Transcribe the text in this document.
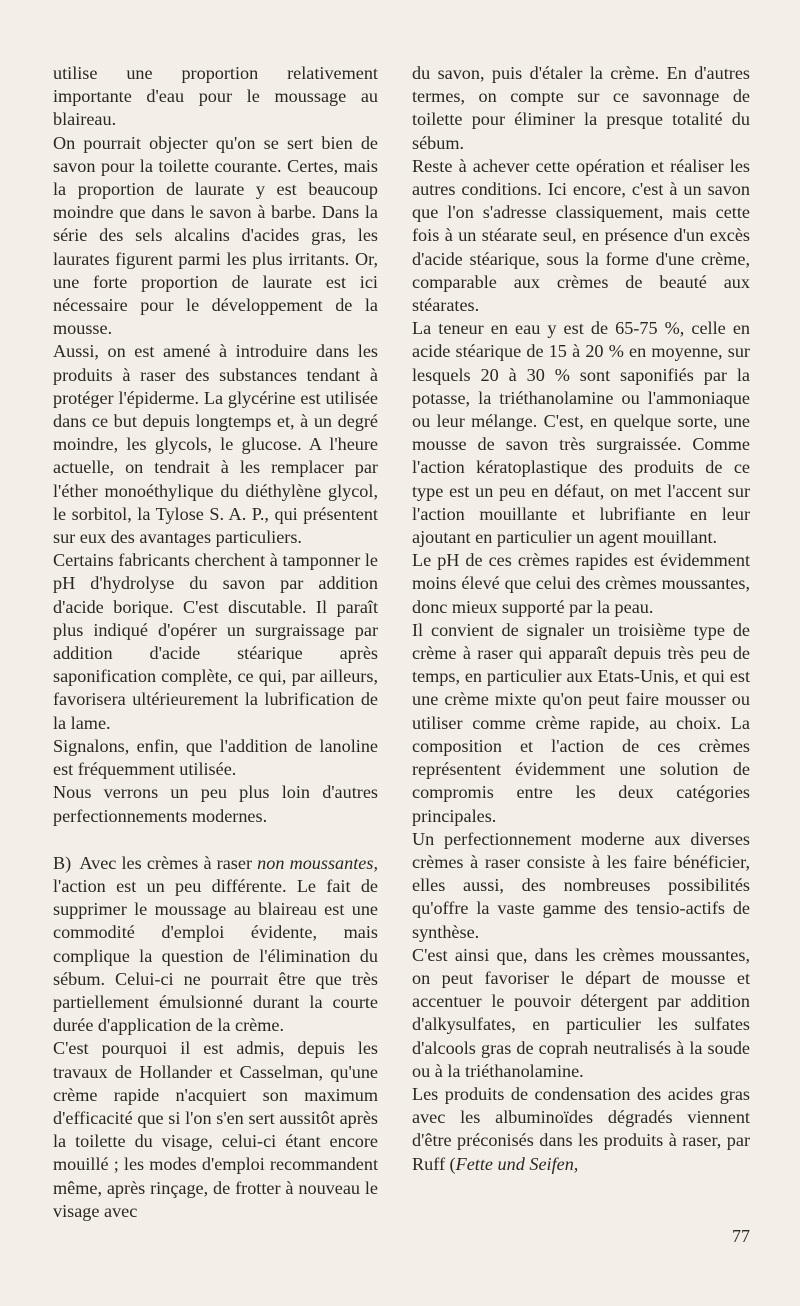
utilise une proportion relativement importante d'eau pour le moussage au blaireau.

On pourrait objecter qu'on se sert bien de savon pour la toilette courante. Certes, mais la proportion de laurate y est beaucoup moindre que dans le savon à barbe. Dans la série des sels alcalins d'acides gras, les laurates figurent parmi les plus irritants. Or, une forte proportion de laurate est ici nécessaire pour le développement de la mousse.

Aussi, on est amené à introduire dans les produits à raser des substances tendant à protéger l'épiderme. La glycérine est utilisée dans ce but depuis longtemps et, à un degré moindre, les glycols, le glucose. A l'heure actuelle, on tendrait à les remplacer par l'éther monoéthylique du diéthylène glycol, le sorbitol, la Tylose S. A. P., qui présentent sur eux des avantages particuliers.

Certains fabricants cherchent à tamponner le pH d'hydrolyse du savon par addition d'acide borique. C'est discutable. Il paraît plus indiqué d'opérer un surgraissage par addition d'acide stéarique après saponification complète, ce qui, par ailleurs, favorisera ultérieurement la lubrification de la lame.

Signalons, enfin, que l'addition de lanoline est fréquemment utilisée.

Nous verrons un peu plus loin d'autres perfectionnements modernes.

B) Avec les crèmes à raser non moussantes, l'action est un peu différente. Le fait de supprimer le moussage au blaireau est une commodité d'emploi évidente, mais complique la question de l'élimination du sébum. Celui-ci ne pourrait être que très partiellement émulsionné durant la courte durée d'application de la crème.

C'est pourquoi il est admis, depuis les travaux de Hollander et Casselman, qu'une crème rapide n'acquiert son maximum d'efficacité que si l'on s'en sert aussitôt après la toilette du visage, celui-ci étant encore mouillé ; les modes d'emploi recommandent même, après rinçage, de frotter à nouveau le visage avec

du savon, puis d'étaler la crème. En d'autres termes, on compte sur ce savonnage de toilette pour éliminer la presque totalité du sébum.

Reste à achever cette opération et réaliser les autres conditions. Ici encore, c'est à un savon que l'on s'adresse classiquement, mais cette fois à un stéarate seul, en présence d'un excès d'acide stéarique, sous la forme d'une crème, comparable aux crèmes de beauté aux stéarates.

La teneur en eau y est de 65-75 %, celle en acide stéarique de 15 à 20 % en moyenne, sur lesquels 20 à 30 % sont saponifiés par la potasse, la triéthanolamine ou l'ammoniaque ou leur mélange. C'est, en quelque sorte, une mousse de savon très surgraissée. Comme l'action kératoplastique des produits de ce type est un peu en défaut, on met l'accent sur l'action mouillante et lubrifiante en leur ajoutant en particulier un agent mouillant.

Le pH de ces crèmes rapides est évidemment moins élevé que celui des crèmes moussantes, donc mieux supporté par la peau.

Il convient de signaler un troisième type de crème à raser qui apparaît depuis très peu de temps, en particulier aux Etats-Unis, et qui est une crème mixte qu'on peut faire mousser ou utiliser comme crème rapide, au choix. La composition et l'action de ces crèmes représentent évidemment une solution de compromis entre les deux catégories principales.

Un perfectionnement moderne aux diverses crèmes à raser consiste à les faire bénéficier, elles aussi, des nombreuses possibilités qu'offre la vaste gamme des tensio-actifs de synthèse.

C'est ainsi que, dans les crèmes moussantes, on peut favoriser le départ de mousse et accentuer le pouvoir détergent par addition d'alkysulfates, en particulier les sulfates d'alcools gras de coprah neutralisés à la soude ou à la triéthanolamine.

Les produits de condensation des acides gras avec les albuminoïdes dégradés viennent d'être préconisés dans les produits à raser, par Ruff (Fette und Seifen,

77
